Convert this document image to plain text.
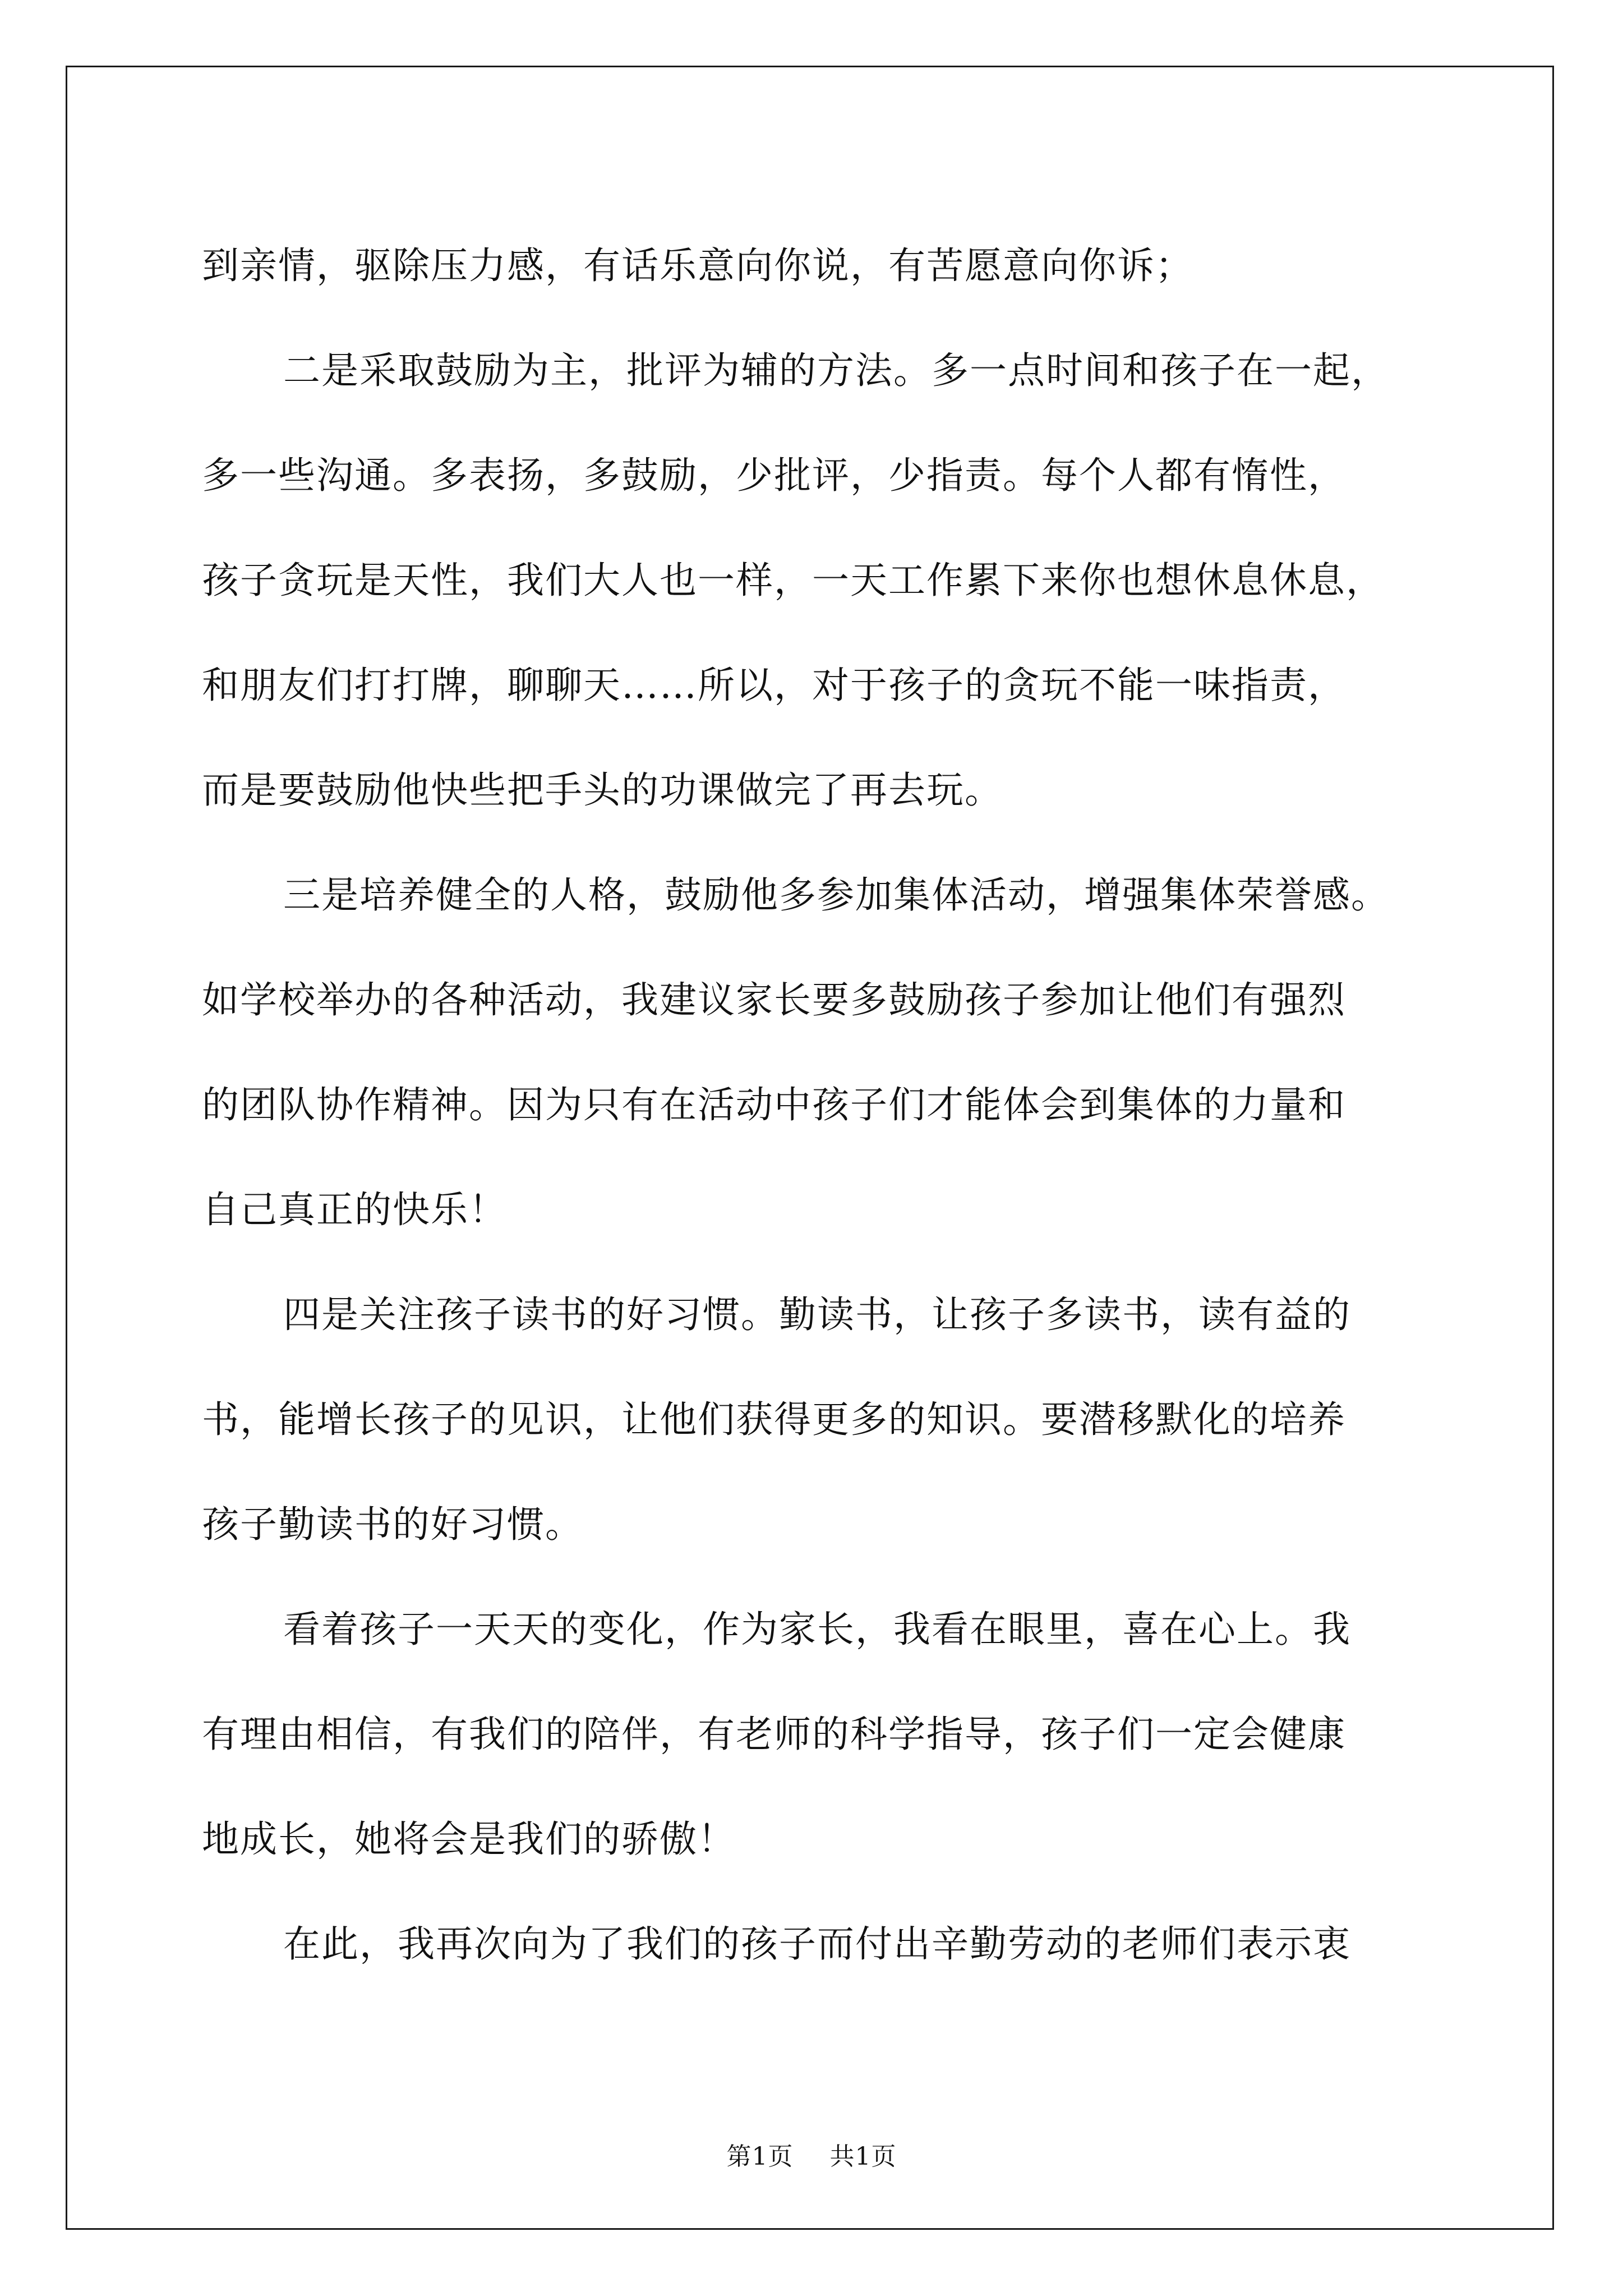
到亲情，驱除压力感，有话乐意向你说，有苦愿意向你诉；
二是采取鼓励为主，批评为辅的方法。多一点时间和孩子在一起，
多一些沟通。多表扬，多鼓励，少批评，少指责。每个人都有惰性，
孩子贪玩是天性，我们大人也一样，一天工作累下来你也想休息休息，
和朋友们打打牌，聊聊天……所以，对于孩子的贪玩不能一味指责，
而是要鼓励他快些把手头的功课做完了再去玩。
三是培养健全的人格，鼓励他多参加集体活动，增强集体荣誉感。
如学校举办的各种活动，我建议家长要多鼓励孩子参加让他们有强烈
的团队协作精神。因为只有在活动中孩子们才能体会到集体的力量和
自己真正的快乐！
四是关注孩子读书的好习惯。勤读书，让孩子多读书，读有益的
书，能增长孩子的见识，让他们获得更多的知识。要潜移默化的培养
孩子勤读书的好习惯。
看着孩子一天天的变化，作为家长，我看在眼里，喜在心上。我
有理由相信，有我们的陪伴，有老师的科学指导，孩子们一定会健康
地成长，她将会是我们的骄傲！
在此，我再次向为了我们的孩子而付出辛勤劳动的老师们表示衷
第1页 共1页
